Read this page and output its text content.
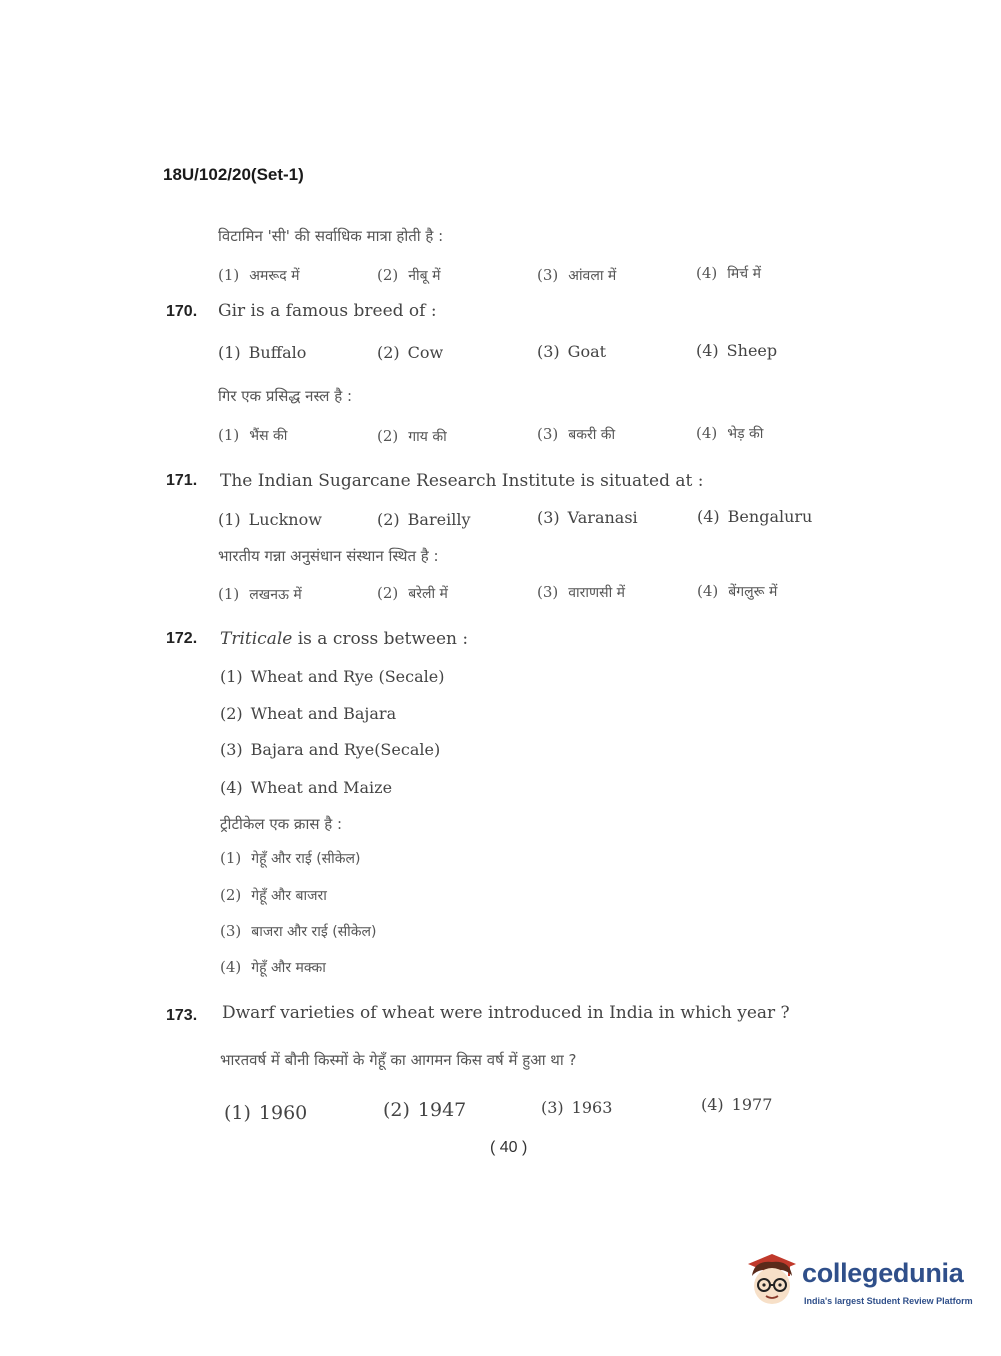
18U/102/20(Set-1)
विटामिन 'सी' की सर्वाधिक मात्रा होती है :
(1) अमरूद में	(2) नीबू में	(3) आंवला में	(4) मिर्च में
170. Gir is a famous breed of :
(1) Buffalo	(2) Cow	(3) Goat	(4) Sheep
गिर एक प्रसिद्ध नस्ल है :
(1) भैंस की	(2) गाय की	(3) बकरी की	(4) भेड़ की
171. The Indian Sugarcane Research Institute is situated at :
(1) Lucknow	(2) Bareilly	(3) Varanasi	(4) Bengaluru
भारतीय गन्ना अनुसंधान संस्थान स्थित है :
(1) लखनऊ में	(2) बरेली में	(3) वाराणसी में	(4) बेंगलुरू में
172. Triticale is a cross between :
(1) Wheat and Rye (Secale)
(2) Wheat and Bajara
(3) Bajara and Rye(Secale)
(4) Wheat and Maize
ट्रीटीकेल एक क्रास है :
(1) गेहूँ और राई (सीकेल)
(2) गेहूँ और बाजरा
(3) बाजरा और राई (सीकेल)
(4) गेहूँ और मक्का
173. Dwarf varieties of wheat were introduced in India in which year ?
भारतवर्ष में बौनी किस्मों के गेहूँ का आगमन किस वर्ष में हुआ था ?
(1) 1960	(2) 1947	(3) 1963	(4) 1977
( 40 )
collegedunia
India's largest Student Review Platform
